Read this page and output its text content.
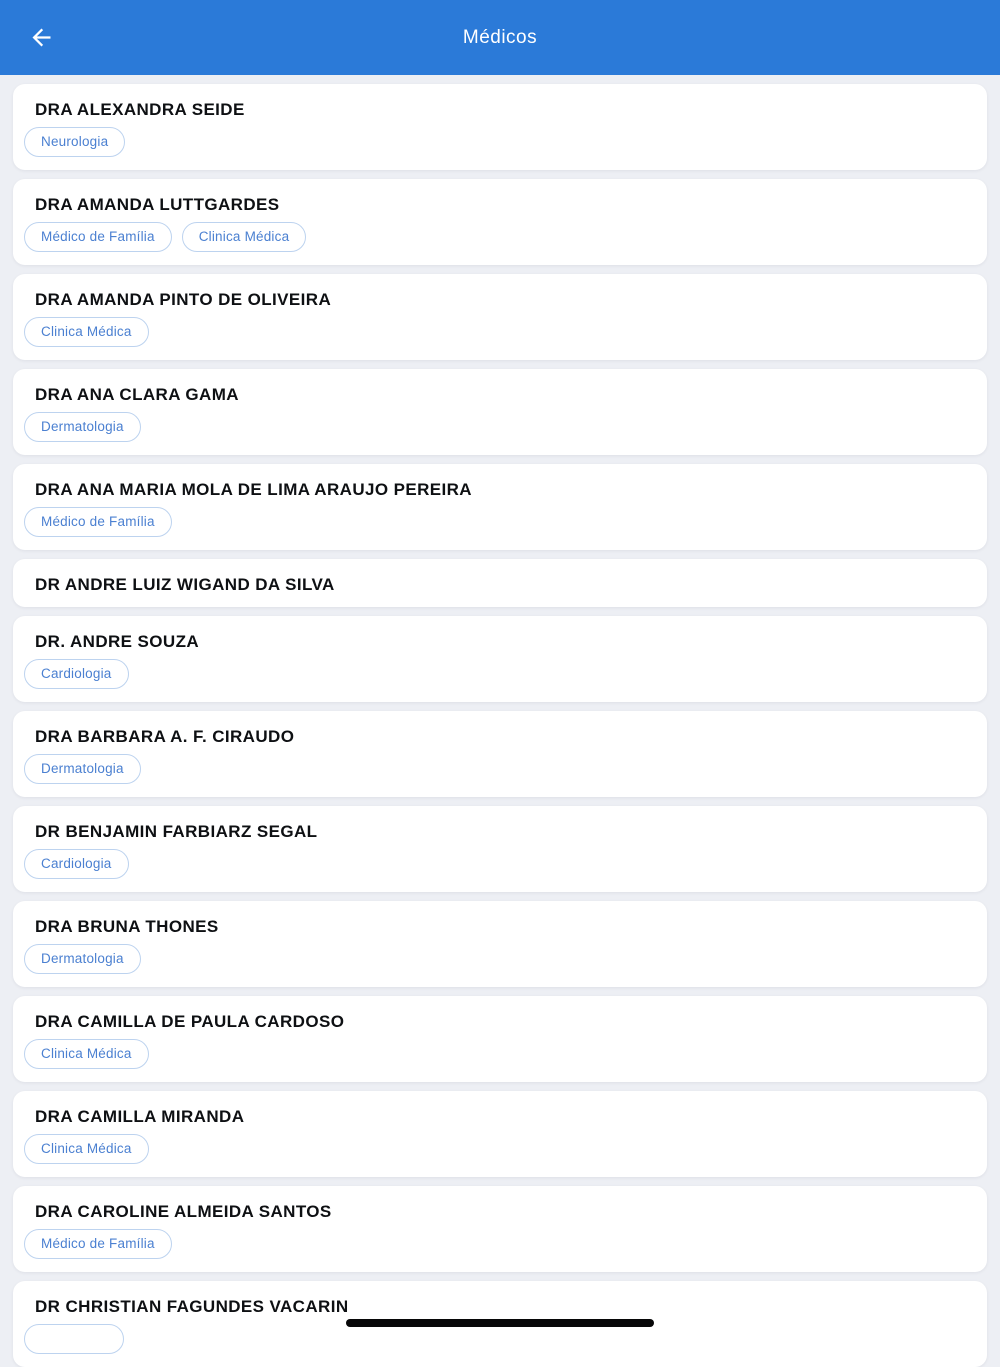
Médicos
DRA ALEXANDRA SEIDE
Neurologia
DRA AMANDA LUTTGARDES
Médico de Família	Clinica Médica
DRA AMANDA PINTO DE OLIVEIRA
Clinica Médica
DRA ANA CLARA GAMA
Dermatologia
DRA ANA MARIA MOLA DE LIMA ARAUJO PEREIRA
Médico de Família
DR ANDRE LUIZ WIGAND DA SILVA
DR. ANDRE SOUZA
Cardiologia
DRA BARBARA A. F. CIRAUDO
Dermatologia
DR BENJAMIN FARBIARZ SEGAL
Cardiologia
DRA BRUNA THONES
Dermatologia
DRA CAMILLA DE PAULA CARDOSO
Clinica Médica
DRA CAMILLA MIRANDA
Clinica Médica
DRA CAROLINE ALMEIDA SANTOS
Médico de Família
DR CHRISTIAN FAGUNDES VACARIN
